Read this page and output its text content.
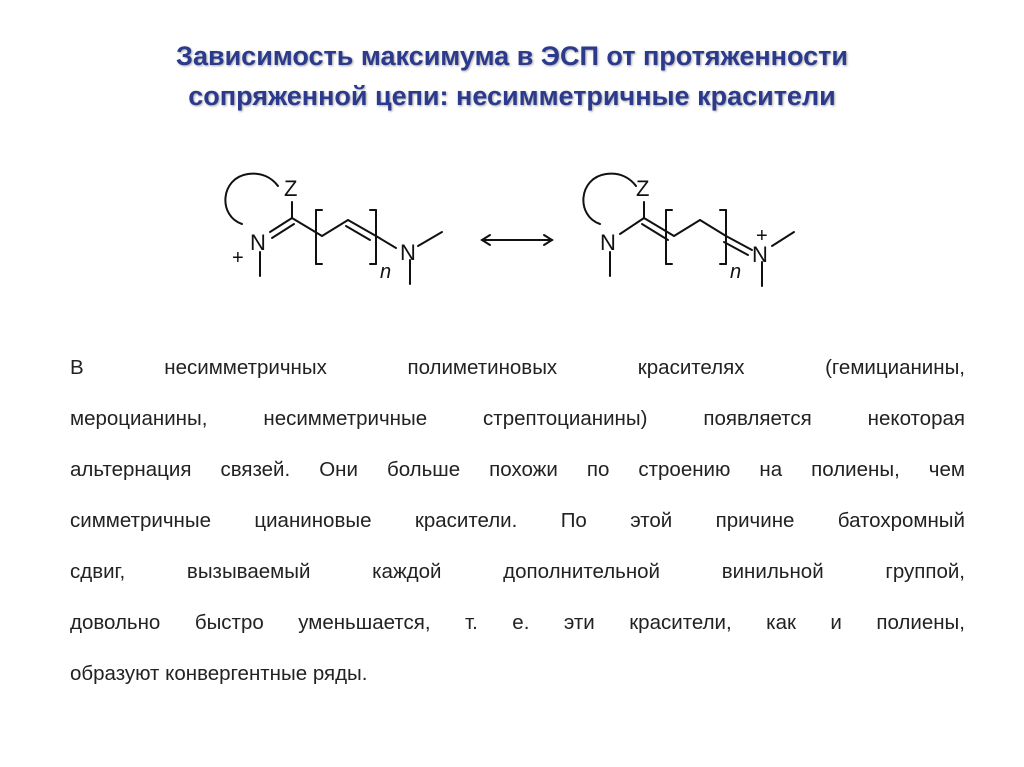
Зависимость максимума в ЭСП от протяженности
сопряженной цепи: несимметричные красители
Z
N
+	N
n
Z
N	N
+
n
В несимметричных полиметиновых красителях (гемицианины,
мероцианины, несимметричные стрептоцианины) появляется некоторая
альтернация связей. Они больше похожи по строению на полиены, чем
симметричные цианиновые красители. По этой причине батохромный
сдвиг, вызываемый каждой дополнительной винильной группой,
довольно быстро уменьшается, т. е. эти красители, как и полиены,
образуют конвергентные ряды.
